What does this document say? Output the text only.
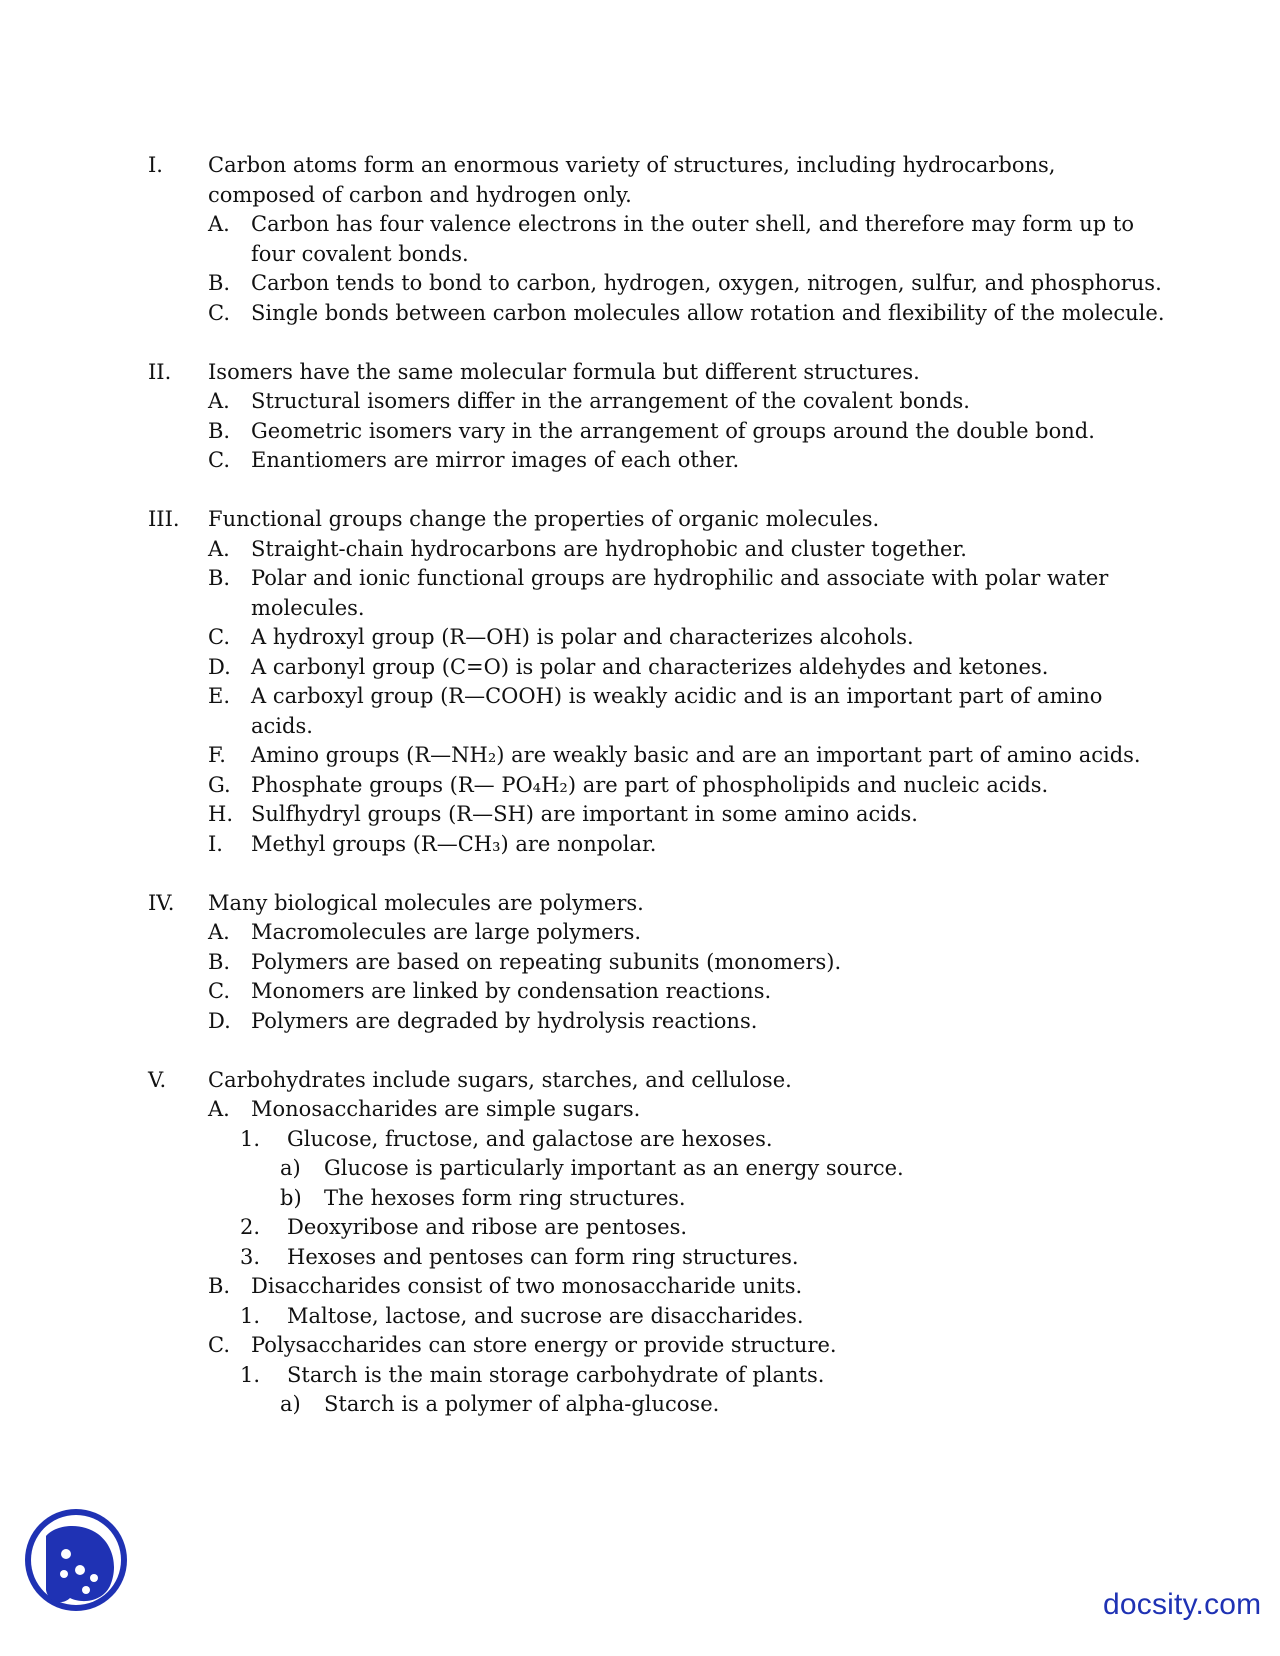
I. Carbon atoms form an enormous variety of structures, including hydrocarbons,
composed of carbon and hydrogen only.
A. Carbon has four valence electrons in the outer shell, and therefore may form up to
four covalent bonds.
B. Carbon tends to bond to carbon, hydrogen, oxygen, nitrogen, sulfur, and phosphorus.
C. Single bonds between carbon molecules allow rotation and flexibility of the molecule.
II. Isomers have the same molecular formula but different structures.
A. Structural isomers differ in the arrangement of the covalent bonds.
B. Geometric isomers vary in the arrangement of groups around the double bond.
C. Enantiomers are mirror images of each other.
III. Functional groups change the properties of organic molecules.
A. Straight-chain hydrocarbons are hydrophobic and cluster together.
B. Polar and ionic functional groups are hydrophilic and associate with polar water
molecules.
C. A hydroxyl group (R—OH) is polar and characterizes alcohols.
D. A carbonyl group (C=O) is polar and characterizes aldehydes and ketones.
E. A carboxyl group (R—COOH) is weakly acidic and is an important part of amino
acids.
F. Amino groups (R—NH₂) are weakly basic and are an important part of amino acids.
G. Phosphate groups (R— PO₄H₂) are part of phospholipids and nucleic acids.
H. Sulfhydryl groups (R—SH) are important in some amino acids.
I. Methyl groups (R—CH₃) are nonpolar.
IV. Many biological molecules are polymers.
A. Macromolecules are large polymers.
B. Polymers are based on repeating subunits (monomers).
C. Monomers are linked by condensation reactions.
D. Polymers are degraded by hydrolysis reactions.
V. Carbohydrates include sugars, starches, and cellulose.
A. Monosaccharides are simple sugars.
1. Glucose, fructose, and galactose are hexoses.
a) Glucose is particularly important as an energy source.
b) The hexoses form ring structures.
2. Deoxyribose and ribose are pentoses.
3. Hexoses and pentoses can form ring structures.
B. Disaccharides consist of two monosaccharide units.
1. Maltose, lactose, and sucrose are disaccharides.
C. Polysaccharides can store energy or provide structure.
1. Starch is the main storage carbohydrate of plants.
a) Starch is a polymer of alpha-glucose.
docsity.com
